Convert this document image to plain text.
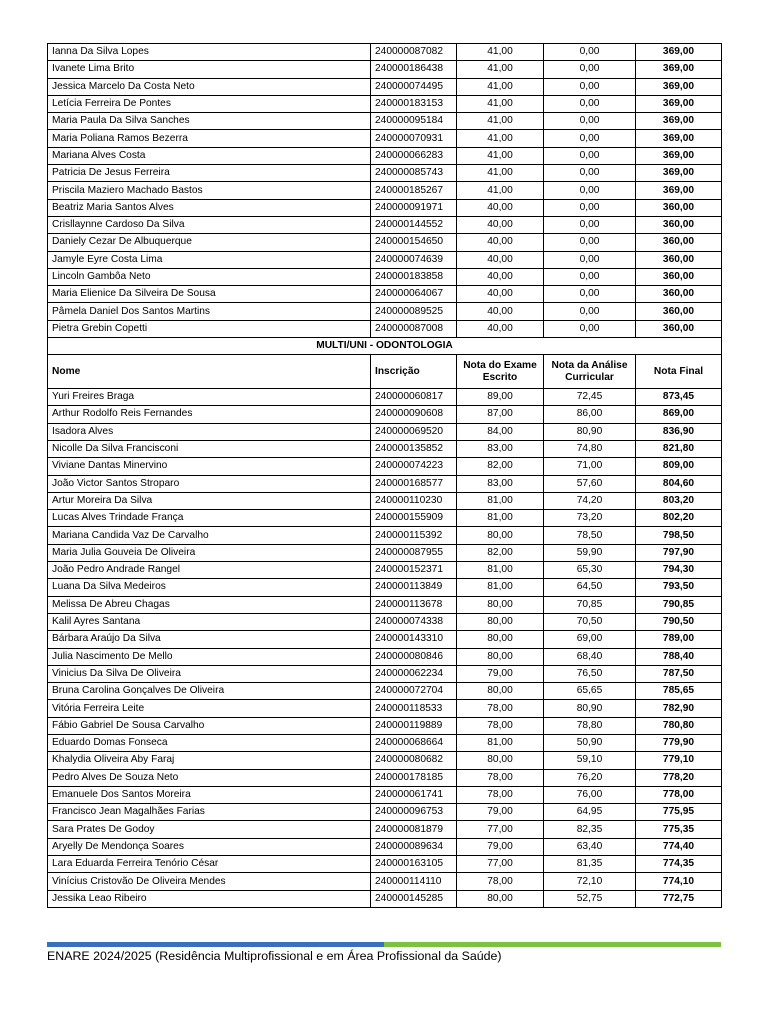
Ianna Da Silva Lopes	240000087082	41,00	0,00	369,00
Ivanete Lima Brito	240000186438	41,00	0,00	369,00
Jessica Marcelo Da Costa Neto	240000074495	41,00	0,00	369,00
Letícia Ferreira De Pontes	240000183153	41,00	0,00	369,00
Maria Paula Da Silva Sanches	240000095184	41,00	0,00	369,00
Maria Poliana Ramos Bezerra	240000070931	41,00	0,00	369,00
Mariana Alves Costa	240000066283	41,00	0,00	369,00
Patricia De Jesus Ferreira	240000085743	41,00	0,00	369,00
Priscila Maziero Machado Bastos	240000185267	41,00	0,00	369,00
Beatriz Maria Santos Alves	240000091971	40,00	0,00	360,00
Crisllaynne Cardoso Da Silva	240000144552	40,00	0,00	360,00
Daniely Cezar De Albuquerque	240000154650	40,00	0,00	360,00
Jamyle Eyre Costa Lima	240000074639	40,00	0,00	360,00
Lincoln Gambôa Neto	240000183858	40,00	0,00	360,00
Maria Elienice Da Silveira De Sousa	240000064067	40,00	0,00	360,00
Pâmela Daniel Dos Santos Martins	240000089525	40,00	0,00	360,00
Pietra Grebin Copetti	240000087008	40,00	0,00	360,00
MULTI/UNI - ODONTOLOGIA				
Nome	Inscrição	Nota do Exame Escrito	Nota da Análise Curricular	Nota Final
Yuri Freires Braga	240000060817	89,00	72,45	873,45
Arthur Rodolfo Reis Fernandes	240000090608	87,00	86,00	869,00
Isadora Alves	240000069520	84,00	80,90	836,90
Nicolle Da Silva Francisconi	240000135852	83,00	74,80	821,80
Viviane Dantas Minervino	240000074223	82,00	71,00	809,00
João Victor Santos Stroparo	240000168577	83,00	57,60	804,60
Artur Moreira Da Silva	240000110230	81,00	74,20	803,20
Lucas Alves Trindade França	240000155909	81,00	73,20	802,20
Mariana Candida Vaz De Carvalho	240000115392	80,00	78,50	798,50
Maria Julia Gouveia De Oliveira	240000087955	82,00	59,90	797,90
João Pedro Andrade Rangel	240000152371	81,00	65,30	794,30
Luana Da Silva Medeiros	240000113849	81,00	64,50	793,50
Melissa De Abreu Chagas	240000113678	80,00	70,85	790,85
Kalil Ayres Santana	240000074338	80,00	70,50	790,50
Bárbara Araújo Da Silva	240000143310	80,00	69,00	789,00
Julia Nascimento De Mello	240000080846	80,00	68,40	788,40
Vinicius Da Silva De Oliveira	240000062234	79,00	76,50	787,50
Bruna Carolina Gonçalves De Oliveira	240000072704	80,00	65,65	785,65
Vitória Ferreira Leite	240000118533	78,00	80,90	782,90
Fábio Gabriel De Sousa Carvalho	240000119889	78,00	78,80	780,80
Eduardo Domas Fonseca	240000068664	81,00	50,90	779,90
Khalydia Oliveira Aby Faraj	240000080682	80,00	59,10	779,10
Pedro Alves De Souza Neto	240000178185	78,00	76,20	778,20
Emanuele Dos Santos Moreira	240000061741	78,00	76,00	778,00
Francisco Jean Magalhães Farias	240000096753	79,00	64,95	775,95
Sara Prates De Godoy	240000081879	77,00	82,35	775,35
Aryelly De Mendonça Soares	240000089634	79,00	63,40	774,40
Lara Eduarda Ferreira Tenório César	240000163105	77,00	81,35	774,35
Vinícius Cristovão De Oliveira Mendes	240000114110	78,00	72,10	774,10
Jessika Leao Ribeiro	240000145285	80,00	52,75	772,75
ENARE 2024/2025 (Residência Multiprofissional e em Área Profissional da Saúde)
